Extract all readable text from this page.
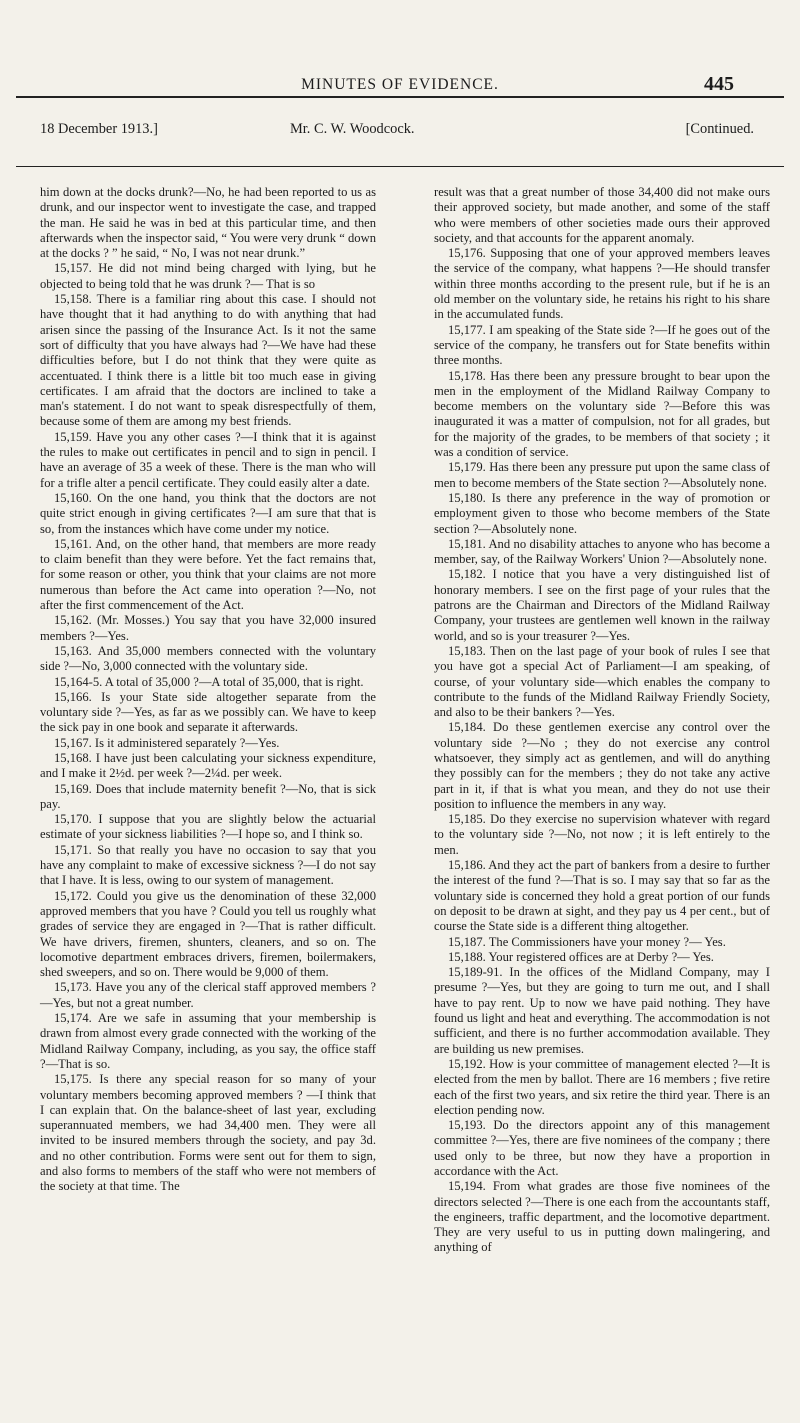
MINUTES OF EVIDENCE.	445
18 December 1913.]	Mr. C. W. Woodcock.	[Continued.

him down at the docks drunk?—No, he had been reported to us as drunk, and our inspector went to investigate the case, and trapped the man. He said he was in bed at this particular time, and then afterwards when the inspector said, “ You were very drunk “ down at the docks ? ” he said, “ No, I was not near drunk.”

15,157. He did not mind being charged with lying, but he objected to being told that he was drunk ?— That is so

15,158. There is a familiar ring about this case. I should not have thought that it had anything to do with anything that had arisen since the passing of the Insurance Act. Is it not the same sort of difficulty that you have always had ?—We have had these difficulties before, but I do not think that they were quite as accentuated. I think there is a little bit too much ease in giving certificates. I am afraid that the doctors are inclined to take a man's statement. I do not want to speak disrespectfully of them, because some of them are among my best friends.

15,159. Have you any other cases ?—I think that it is against the rules to make out certificates in pencil and to sign in pencil. I have an average of 35 a week of these. There is the man who will for a trifle alter a pencil certificate. They could easily alter a date.

15,160. On the one hand, you think that the doctors are not quite strict enough in giving certificates ?—I am sure that that is so, from the instances which have come under my notice.

15,161. And, on the other hand, that members are more ready to claim benefit than they were before. Yet the fact remains that, for some reason or other, you think that your claims are not more numerous than before the Act came into operation ?—No, not after the first commencement of the Act.

15,162. (Mr. Mosses.) You say that you have 32,000 insured members ?—Yes.

15,163. And 35,000 members connected with the voluntary side ?—No, 3,000 connected with the voluntary side.

15,164-5. A total of 35,000 ?—A total of 35,000, that is right.

15,166. Is your State side altogether separate from the voluntary side ?—Yes, as far as we possibly can. We have to keep the sick pay in one book and separate it afterwards.

15,167. Is it administered separately ?—Yes.

15,168. I have just been calculating your sickness expenditure, and I make it 2½d. per week ?—2¼d. per week.

15,169. Does that include maternity benefit ?—No, that is sick pay.

15,170. I suppose that you are slightly below the actuarial estimate of your sickness liabilities ?—I hope so, and I think so.

15,171. So that really you have no occasion to say that you have any complaint to make of excessive sickness ?—I do not say that I have. It is less, owing to our system of management.

15,172. Could you give us the denomination of these 32,000 approved members that you have ? Could you tell us roughly what grades of service they are engaged in ?—That is rather difficult. We have drivers, firemen, shunters, cleaners, and so on. The locomotive department embraces drivers, firemen, boilermakers, shed sweepers, and so on. There would be 9,000 of them.

15,173. Have you any of the clerical staff approved members ?—Yes, but not a great number.

15,174. Are we safe in assuming that your membership is drawn from almost every grade connected with the working of the Midland Railway Company, including, as you say, the office staff ?—That is so.

15,175. Is there any special reason for so many of your voluntary members becoming approved members ? —I think that I can explain that. On the balance-sheet of last year, excluding superannuated members, we had 34,400 men. They were all invited to be insured members through the society, and pay 3d. and no other contribution. Forms were sent out for them to sign, and also forms to members of the staff who were not members of the society at that time. The

result was that a great number of those 34,400 did not make ours their approved society, but made another, and some of the staff who were members of other societies made ours their approved society, and that accounts for the apparent anomaly.

15,176. Supposing that one of your approved members leaves the service of the company, what happens ?—He should transfer within three months according to the present rule, but if he is an old member on the voluntary side, he retains his right to his share in the accumulated funds.

15,177. I am speaking of the State side ?—If he goes out of the service of the company, he transfers out for State benefits within three months.

15,178. Has there been any pressure brought to bear upon the men in the employment of the Midland Railway Company to become members on the voluntary side ?—Before this was inaugurated it was a matter of compulsion, not for all grades, but for the majority of the grades, to be members of that society ; it was a condition of service.

15,179. Has there been any pressure put upon the same class of men to become members of the State section ?—Absolutely none.

15,180. Is there any preference in the way of promotion or employment given to those who become members of the State section ?—Absolutely none.

15,181. And no disability attaches to anyone who has become a member, say, of the Railway Workers' Union ?—Absolutely none.

15,182. I notice that you have a very distinguished list of honorary members. I see on the first page of your rules that the patrons are the Chairman and Directors of the Midland Railway Company, your trustees are gentlemen well known in the railway world, and so is your treasurer ?—Yes.

15,183. Then on the last page of your book of rules I see that you have got a special Act of Parliament—I am speaking, of course, of your voluntary side—which enables the company to contribute to the funds of the Midland Railway Friendly Society, and also to be their bankers ?—Yes.

15,184. Do these gentlemen exercise any control over the voluntary side ?—No ; they do not exercise any control whatsoever, they simply act as gentlemen, and will do anything they possibly can for the members ; they do not take any active part in it, if that is what you mean, and they do not use their position to influence the members in any way.

15,185. Do they exercise no supervision whatever with regard to the voluntary side ?—No, not now ; it is left entirely to the men.

15,186. And they act the part of bankers from a desire to further the interest of the fund ?—That is so. I may say that so far as the voluntary side is concerned they hold a great portion of our funds on deposit to be drawn at sight, and they pay us 4 per cent., but of course the State side is a different thing altogether.

15,187. The Commissioners have your money ?— Yes.

15,188. Your registered offices are at Derby ?— Yes.

15,189-91. In the offices of the Midland Company, may I presume ?—Yes, but they are going to turn me out, and I shall have to pay rent. Up to now we have paid nothing. They have found us light and heat and everything. The accommodation is not sufficient, and there is no further accommodation available. They are building us new premises.

15,192. How is your committee of management elected ?—It is elected from the men by ballot. There are 16 members ; five retire each of the first two years, and six retire the third year. There is an election pending now.

15,193. Do the directors appoint any of this management committee ?—Yes, there are five nominees of the company ; there used only to be three, but now they have a proportion in accordance with the Act.

15,194. From what grades are those five nominees of the directors selected ?—There is one each from the accountants staff, the engineers, traffic department, and the locomotive department. They are very useful to us in putting down malingering, and anything of
